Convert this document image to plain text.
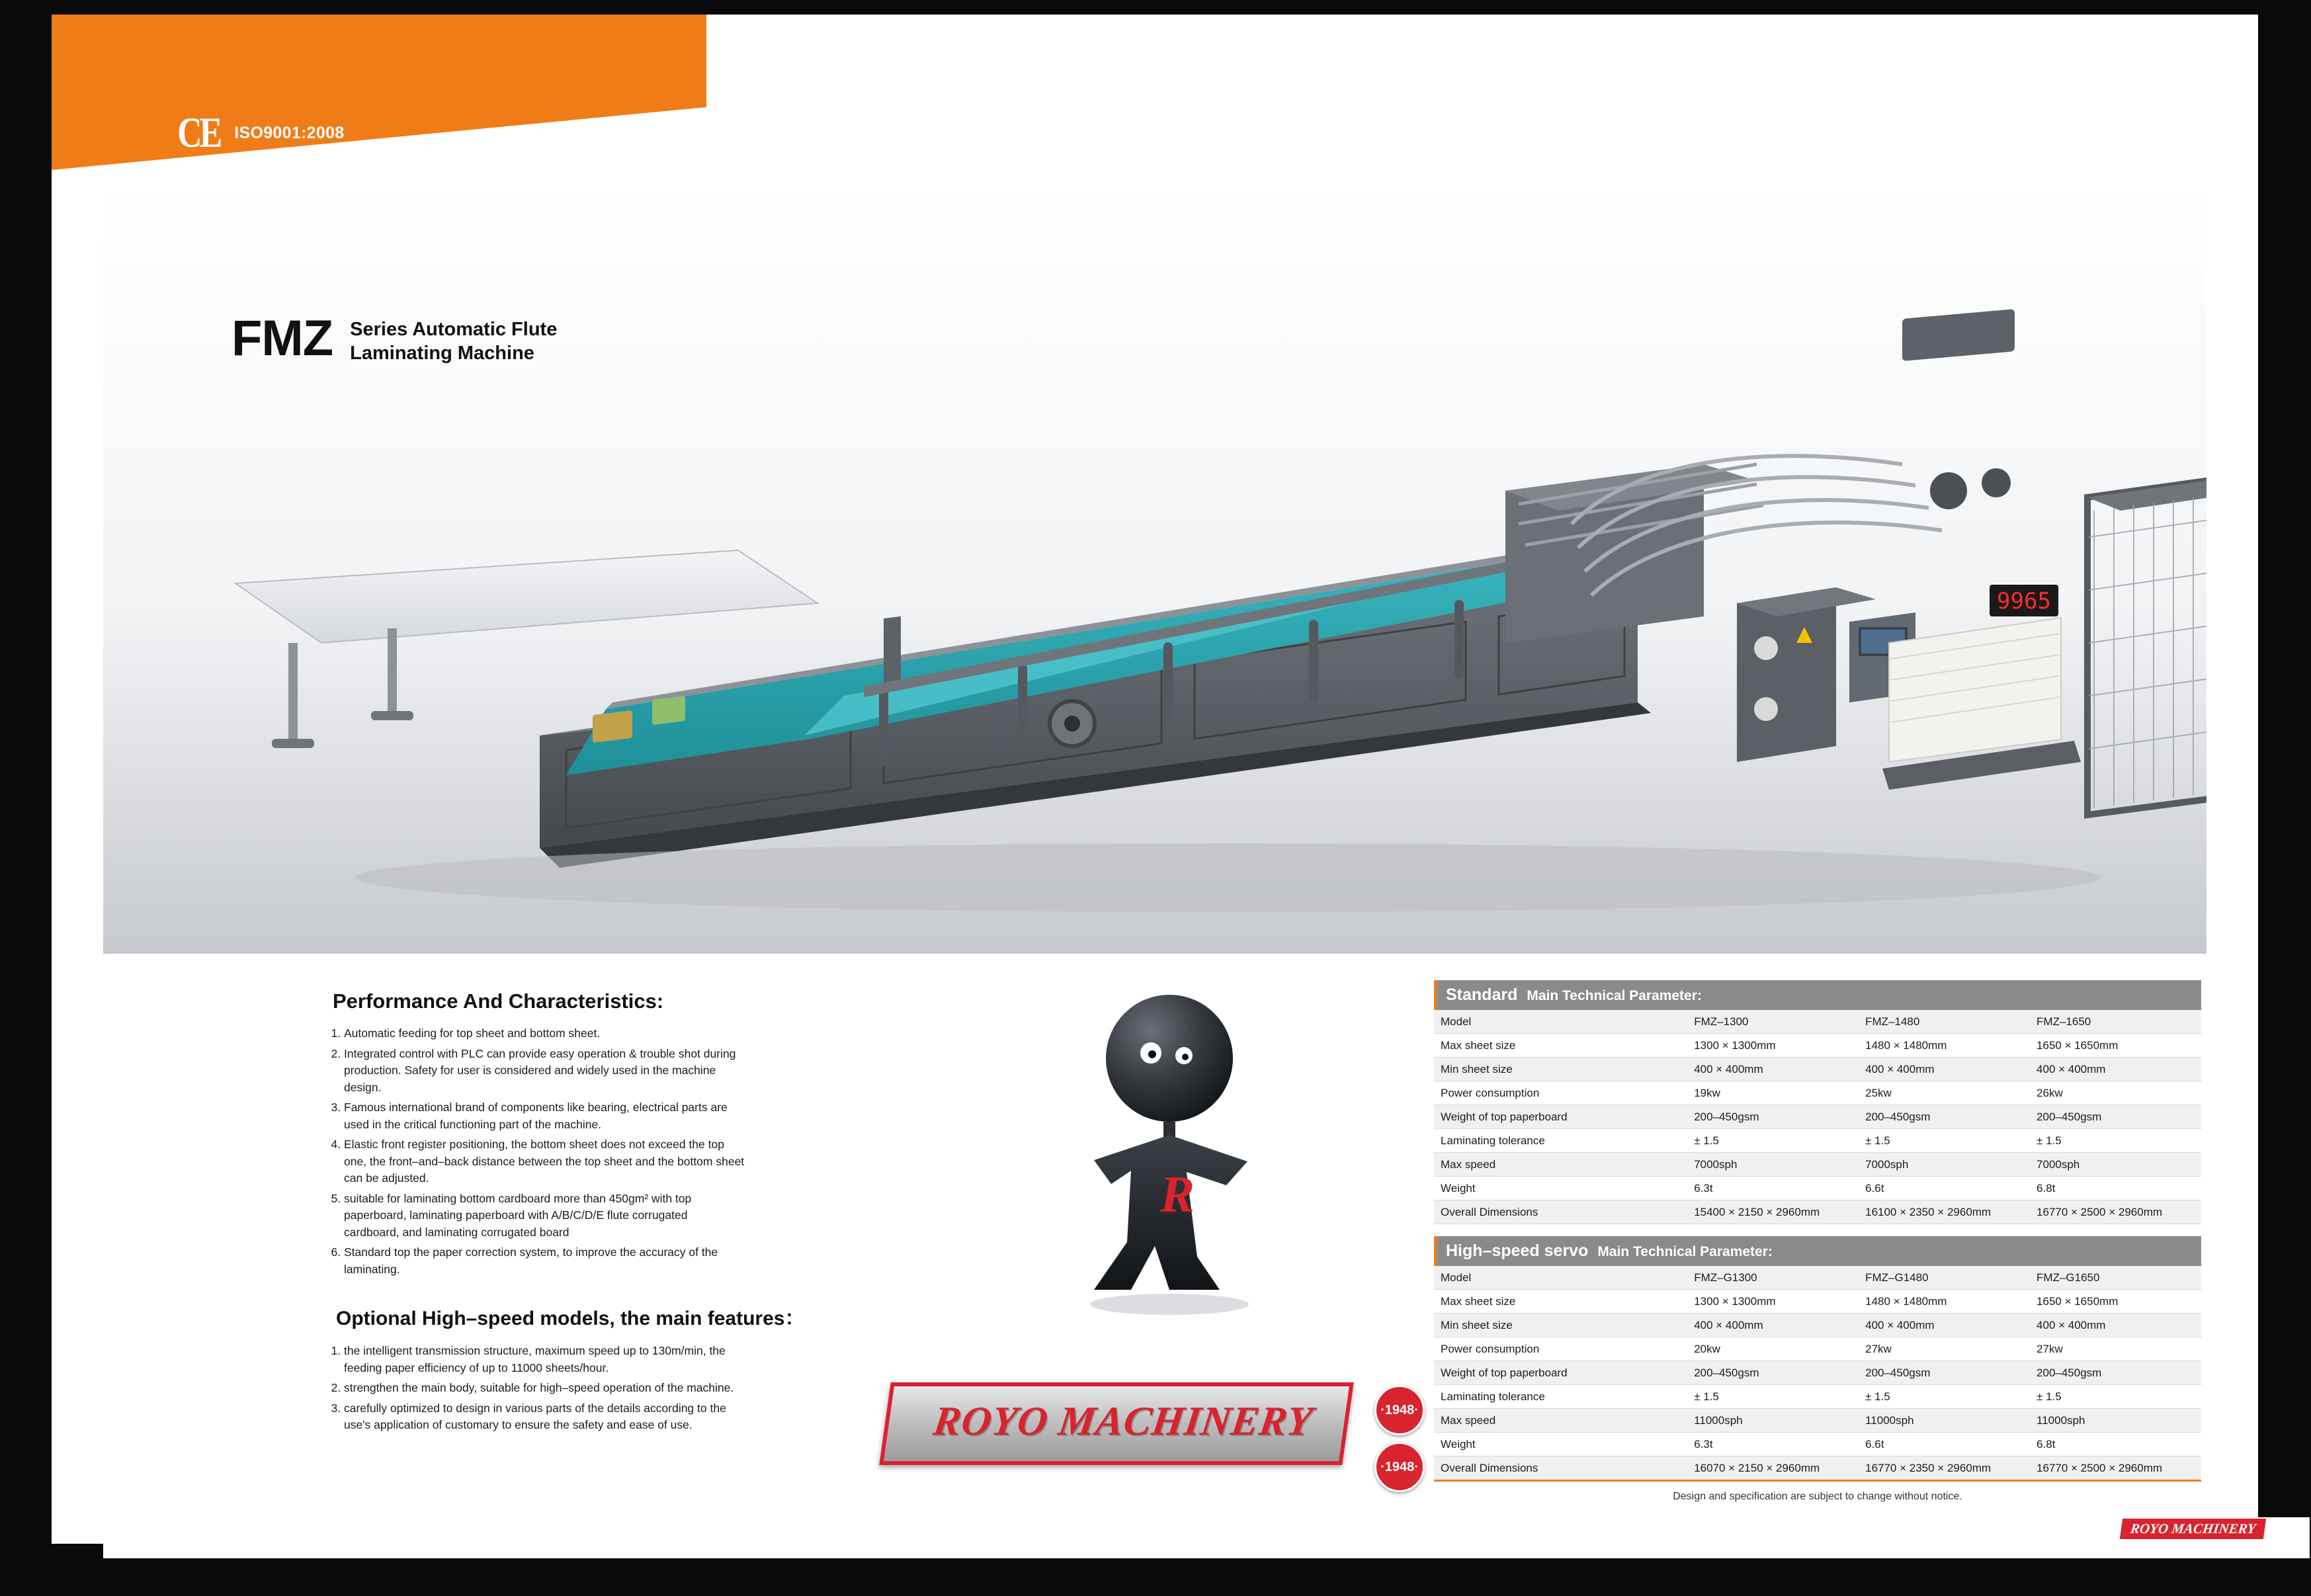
CE ISO9001:2008
9965
FMZ Series Automatic Flute
Laminating Machine
Performance And Characteristics:
1. Automatic feeding for top sheet and bottom sheet.
2. Integrated control with PLC can provide easy operation & trouble shot during production. Safety for user is considered and widely used in the machine design.
3. Famous international brand of components like bearing, electrical parts are used in the critical functioning part of the machine.
4. Elastic front register positioning, the bottom sheet does not exceed the top one, the front–and–back distance between the top sheet and the bottom sheet can be adjusted.
5. suitable for laminating bottom cardboard more than 450gm² with top paperboard, laminating paperboard with A/B/C/D/E flute corrugated cardboard, and laminating corrugated board
6. Standard top the paper correction system, to improve the accuracy of the laminating.
Optional High–speed models, the main features：
1. the intelligent transmission structure, maximum speed up to 130m/min, the feeding paper efficiency of up to 11000 sheets/hour.
2. strengthen the main body, suitable for high–speed operation of the machine.
3. carefully optimized to design in various parts of the details according to the use's application of customary to ensure the safety and ease of use.
R
ROYO MACHINERY	·1948·
·1948·
Standard Main Technical Parameter:
Model	FMZ–1300	FMZ–1480	FMZ–1650
Max sheet size	1300 × 1300mm	1480 × 1480mm	1650 × 1650mm
Min sheet size	400 × 400mm	400 × 400mm	400 × 400mm
Power consumption	19kw	25kw	26kw
Weight of top paperboard	200–450gsm	200–450gsm	200–450gsm
Laminating tolerance	± 1.5	± 1.5	± 1.5
Max speed	7000sph	7000sph	7000sph
Weight	6.3t	6.6t	6.8t
Overall Dimensions	15400 × 2150 × 2960mm	16100 × 2350 × 2960mm	16770 × 2500 × 2960mm
High–speed servo Main Technical Parameter:
Model	FMZ–G1300	FMZ–G1480	FMZ–G1650
Max sheet size	1300 × 1300mm	1480 × 1480mm	1650 × 1650mm
Min sheet size	400 × 400mm	400 × 400mm	400 × 400mm
Power consumption	20kw	27kw	27kw
Weight of top paperboard	200–450gsm	200–450gsm	200–450gsm
Laminating tolerance	± 1.5	± 1.5	± 1.5
Max speed	11000sph	11000sph	11000sph
Weight	6.3t	6.6t	6.8t
Overall Dimensions	16070 × 2150 × 2960mm	16770 × 2350 × 2960mm	16770 × 2500 × 2960mm
Design and specification are subject to change without notice.
ROYO MACHINERY
